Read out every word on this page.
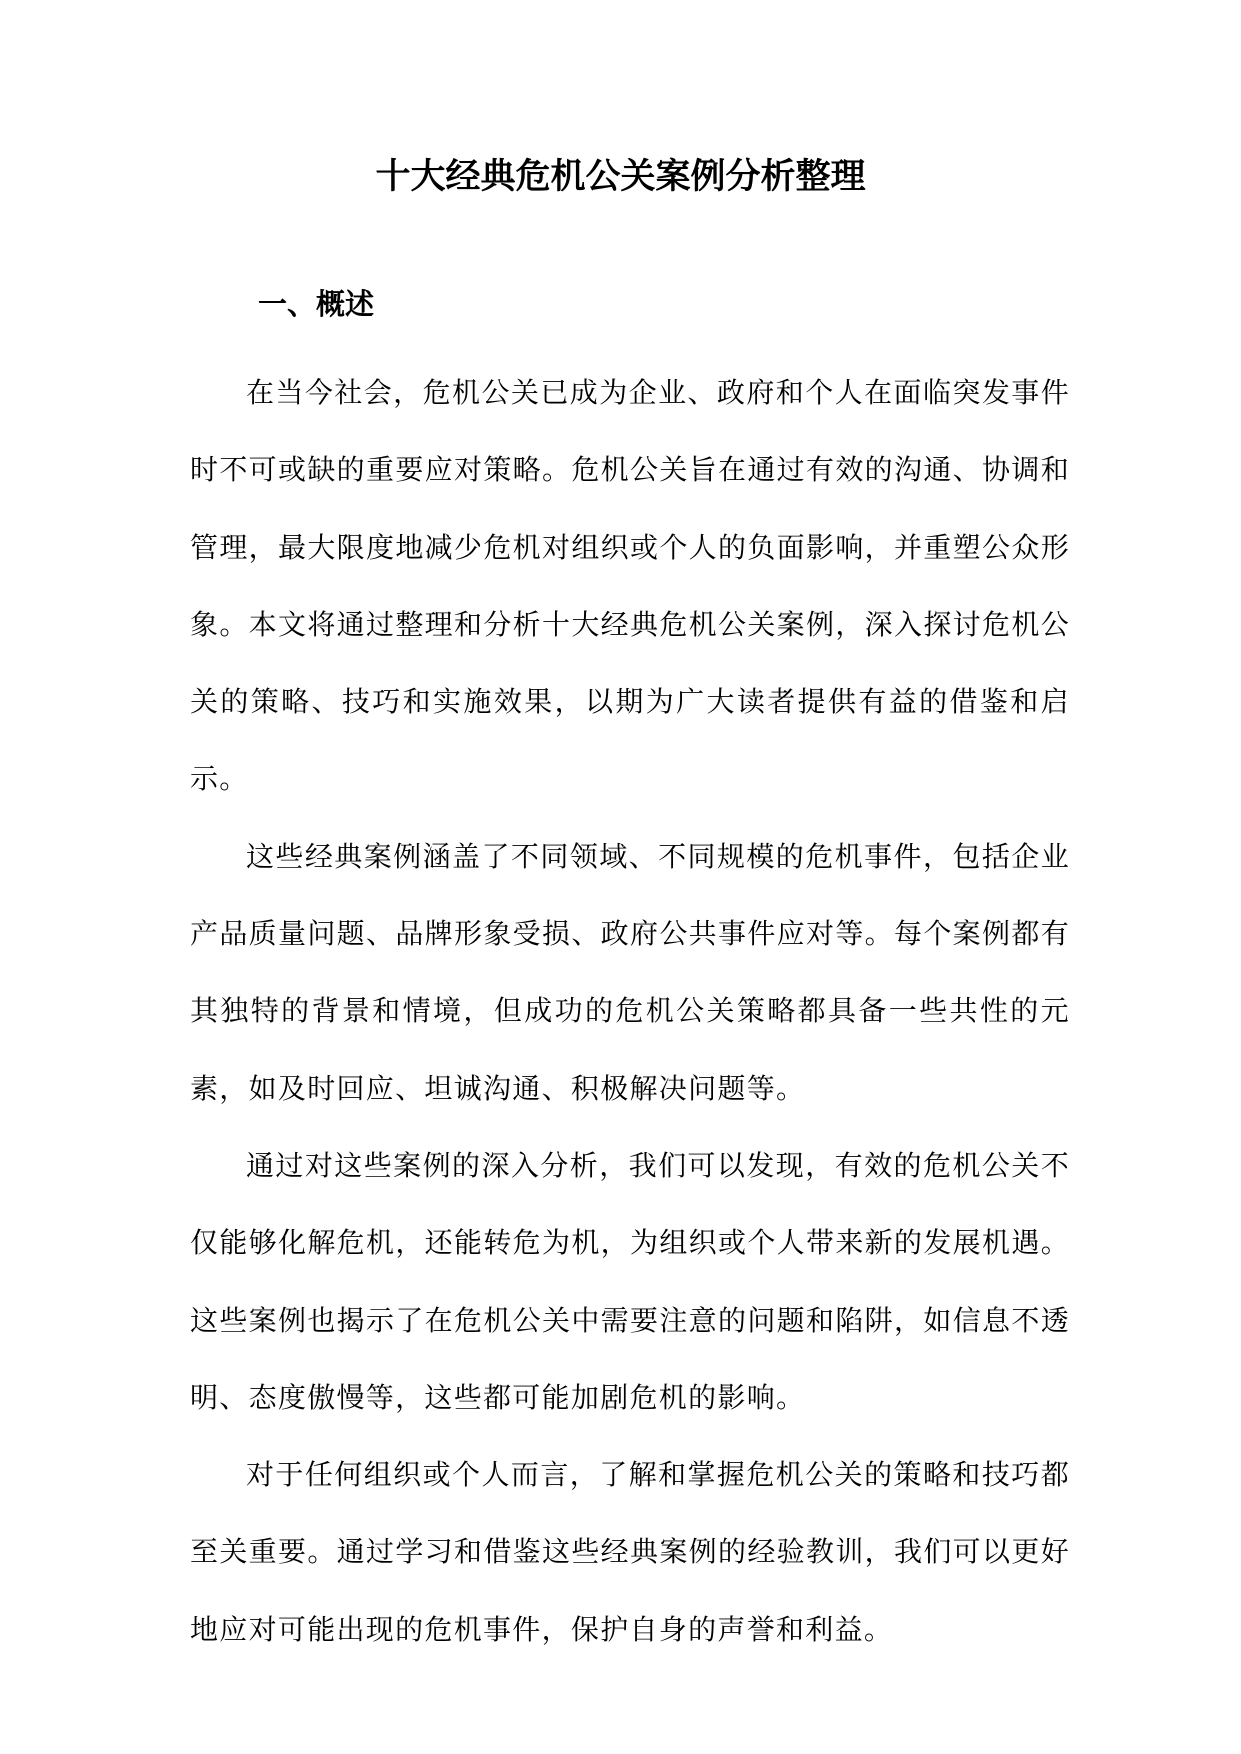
十大经典危机公关案例分析整理
一、概述

在当今社会，危机公关已成为企业、政府和个人在面临突发事件时不可或缺的重要应对策略。危机公关旨在通过有效的沟通、协调和管理，最大限度地减少危机对组织或个人的负面影响，并重塑公众形象。本文将通过整理和分析十大经典危机公关案例，深入探讨危机公关的策略、技巧和实施效果，以期为广大读者提供有益的借鉴和启示。

这些经典案例涵盖了不同领域、不同规模的危机事件，包括企业产品质量问题、品牌形象受损、政府公共事件应对等。每个案例都有其独特的背景和情境，但成功的危机公关策略都具备一些共性的元素，如及时回应、坦诚沟通、积极解决问题等。

通过对这些案例的深入分析，我们可以发现，有效的危机公关不仅能够化解危机，还能转危为机，为组织或个人带来新的发展机遇。这些案例也揭示了在危机公关中需要注意的问题和陷阱，如信息不透明、态度傲慢等，这些都可能加剧危机的影响。

对于任何组织或个人而言，了解和掌握危机公关的策略和技巧都至关重要。通过学习和借鉴这些经典案例的经验教训，我们可以更好地应对可能出现的危机事件，保护自身的声誉和利益。
